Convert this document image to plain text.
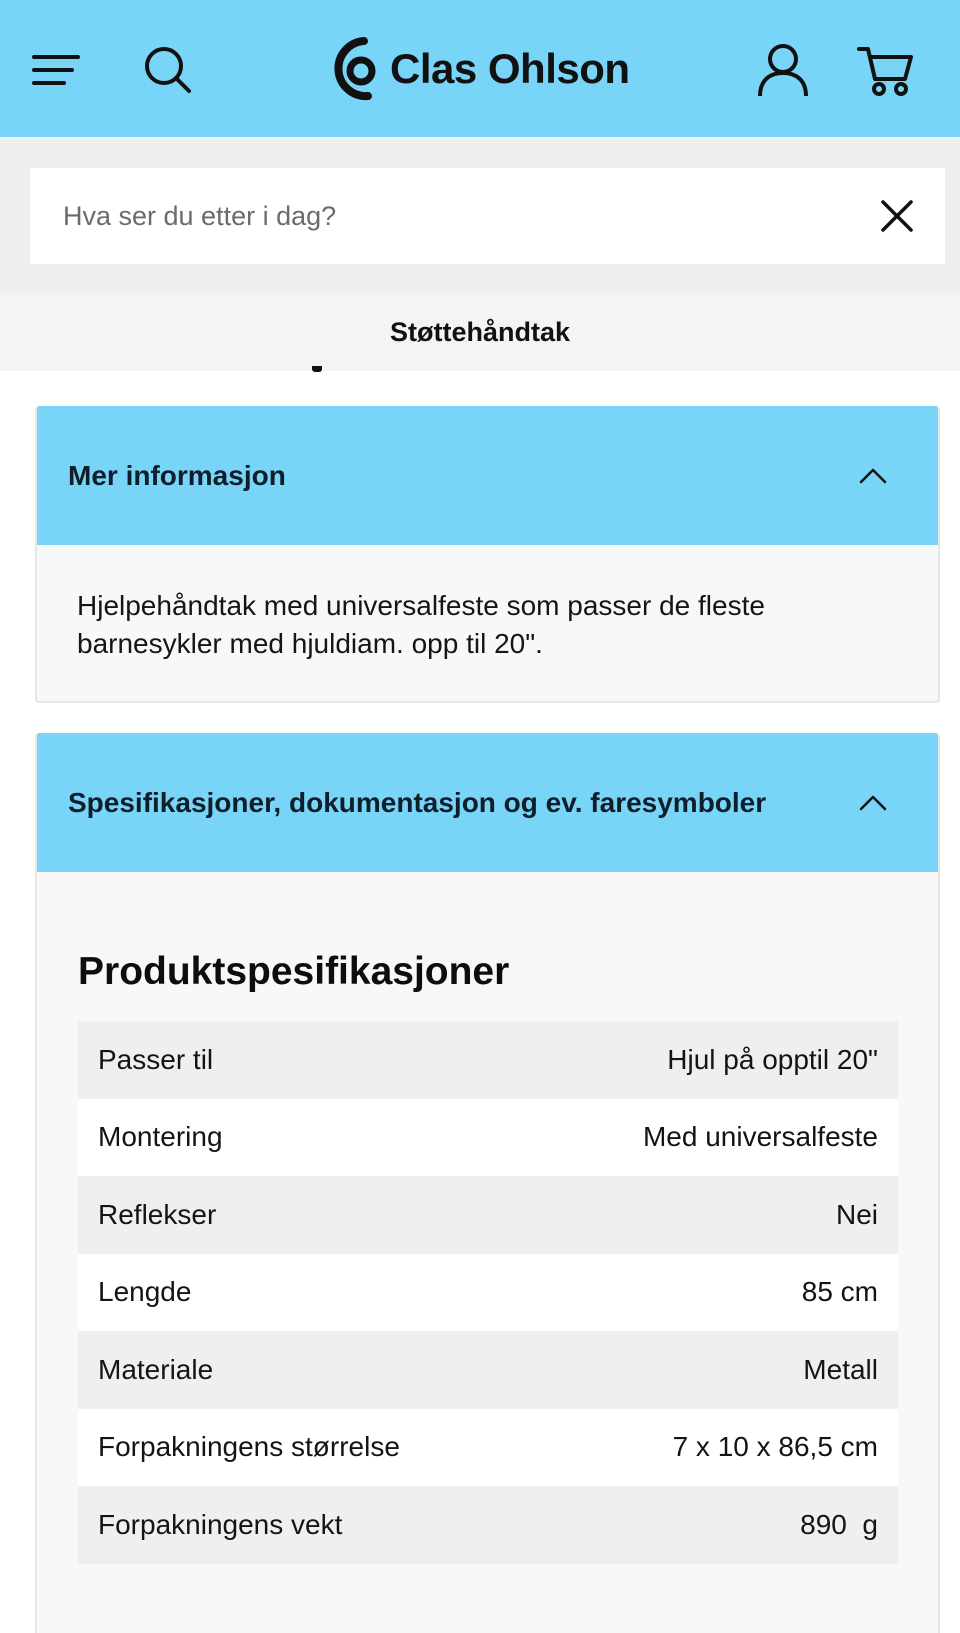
Clas Ohlson
Hva ser du etter i dag?
Støttehåndtak
Mer informasjon
Hjelpehåndtak med universalfeste som passer de fleste barnesykler med hjuldiam. opp til 20".
Spesifikasjoner, dokumentasjon og ev. faresymboler
Produktspesifikasjoner
Passer til	Hjul på opptil 20"
Montering	Med universalfeste
Reflekser	Nei
Lengde	85 cm
Materiale	Metall
Forpakningens størrelse	7 x 10 x 86,5 cm
Forpakningens vekt	890  g
